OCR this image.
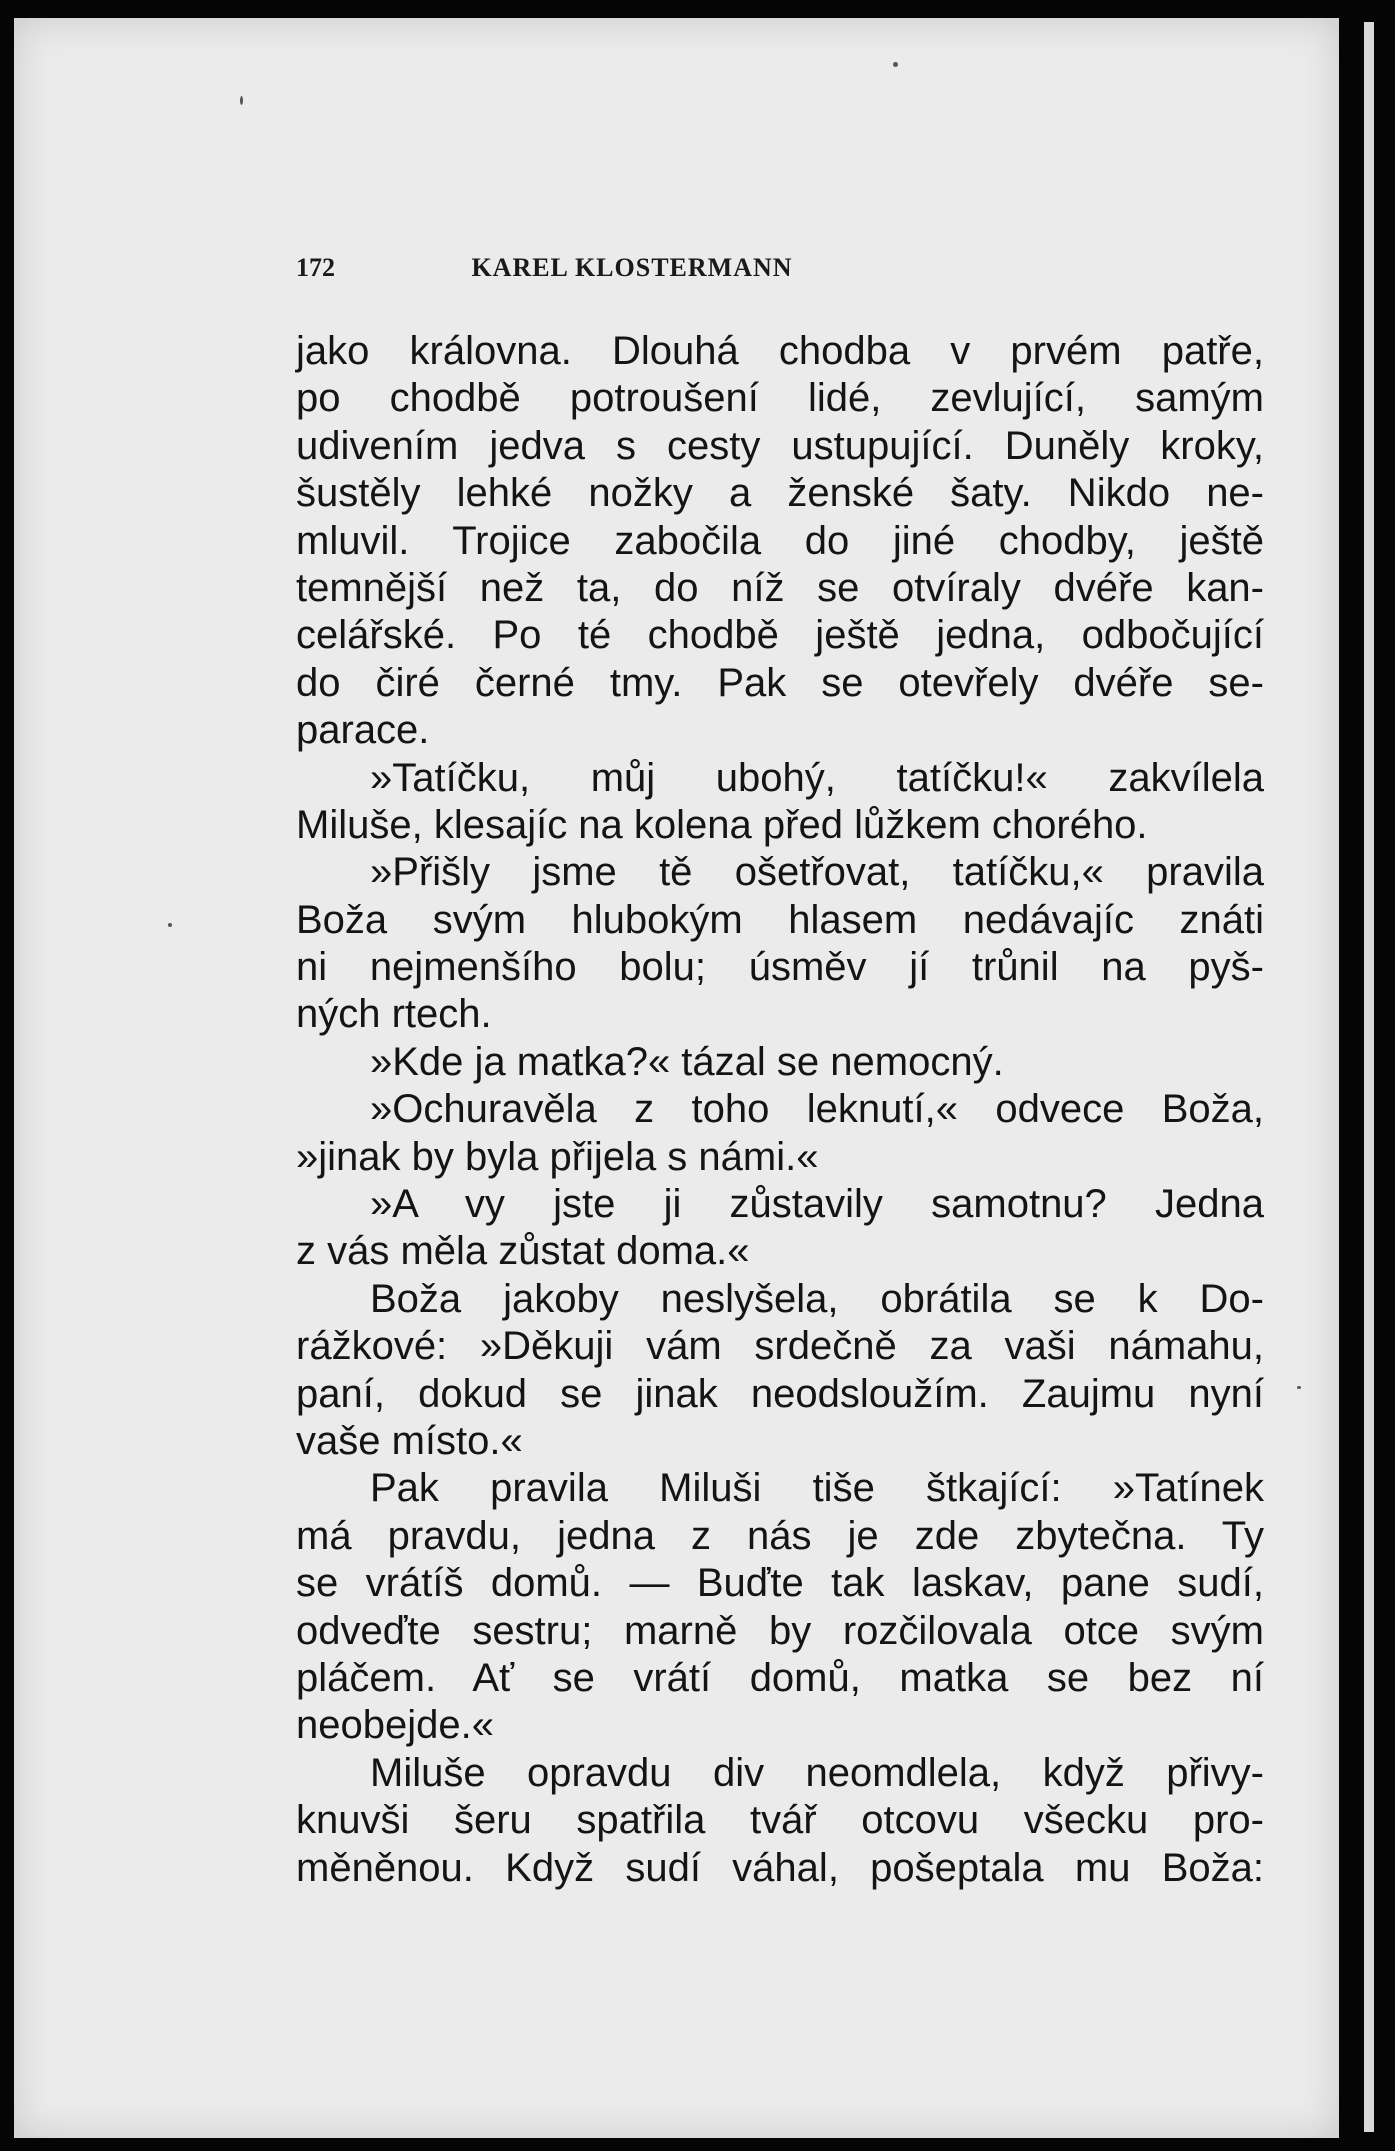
172	KAREL KLOSTERMANN
jako královna. Dlouhá chodba v prvém patře,
po chodbě potroušení lidé, zevlující, samým
udivením jedva s cesty ustupující. Duněly kroky,
šustěly lehké nožky a ženské šaty. Nikdo ne-
mluvil. Trojice zabočila do jiné chodby, ještě
temnější než ta, do níž se otvíraly dvéře kan-
celářské. Po té chodbě ještě jedna, odbočující
do čiré černé tmy. Pak se otevřely dvéře se-
parace.
»Tatíčku, můj ubohý, tatíčku!« zakvílela
Miluše, klesajíc na kolena před lůžkem chorého.
»Přišly jsme tě ošetřovat, tatíčku,« pravila
Boža svým hlubokým hlasem nedávajíc znáti
ni nejmenšího bolu; úsměv jí trůnil na pyš-
ných rtech.
»Kde ja matka?« tázal se nemocný.
»Ochuravěla z toho leknutí,« odvece Boža,
»jinak by byla přijela s námi.«
»A vy jste ji zůstavily samotnu? Jedna
z vás měla zůstat doma.«
Boža jakoby neslyšela, obrátila se k Do-
rážkové: »Děkuji vám srdečně za vaši námahu,
paní, dokud se jinak neodsloužím. Zaujmu nyní
vaše místo.«
Pak pravila Miluši tiše štkající: »Tatínek
má pravdu, jedna z nás je zde zbytečna. Ty
se vrátíš domů. — Buďte tak laskav, pane sudí,
odveďte sestru; marně by rozčilovala otce svým
pláčem. Ať se vrátí domů, matka se bez ní
neobejde.«
Miluše opravdu div neomdlela, když přivy-
knuvši šeru spatřila tvář otcovu všecku pro-
měněnou. Když sudí váhal, pošeptala mu Boža:
